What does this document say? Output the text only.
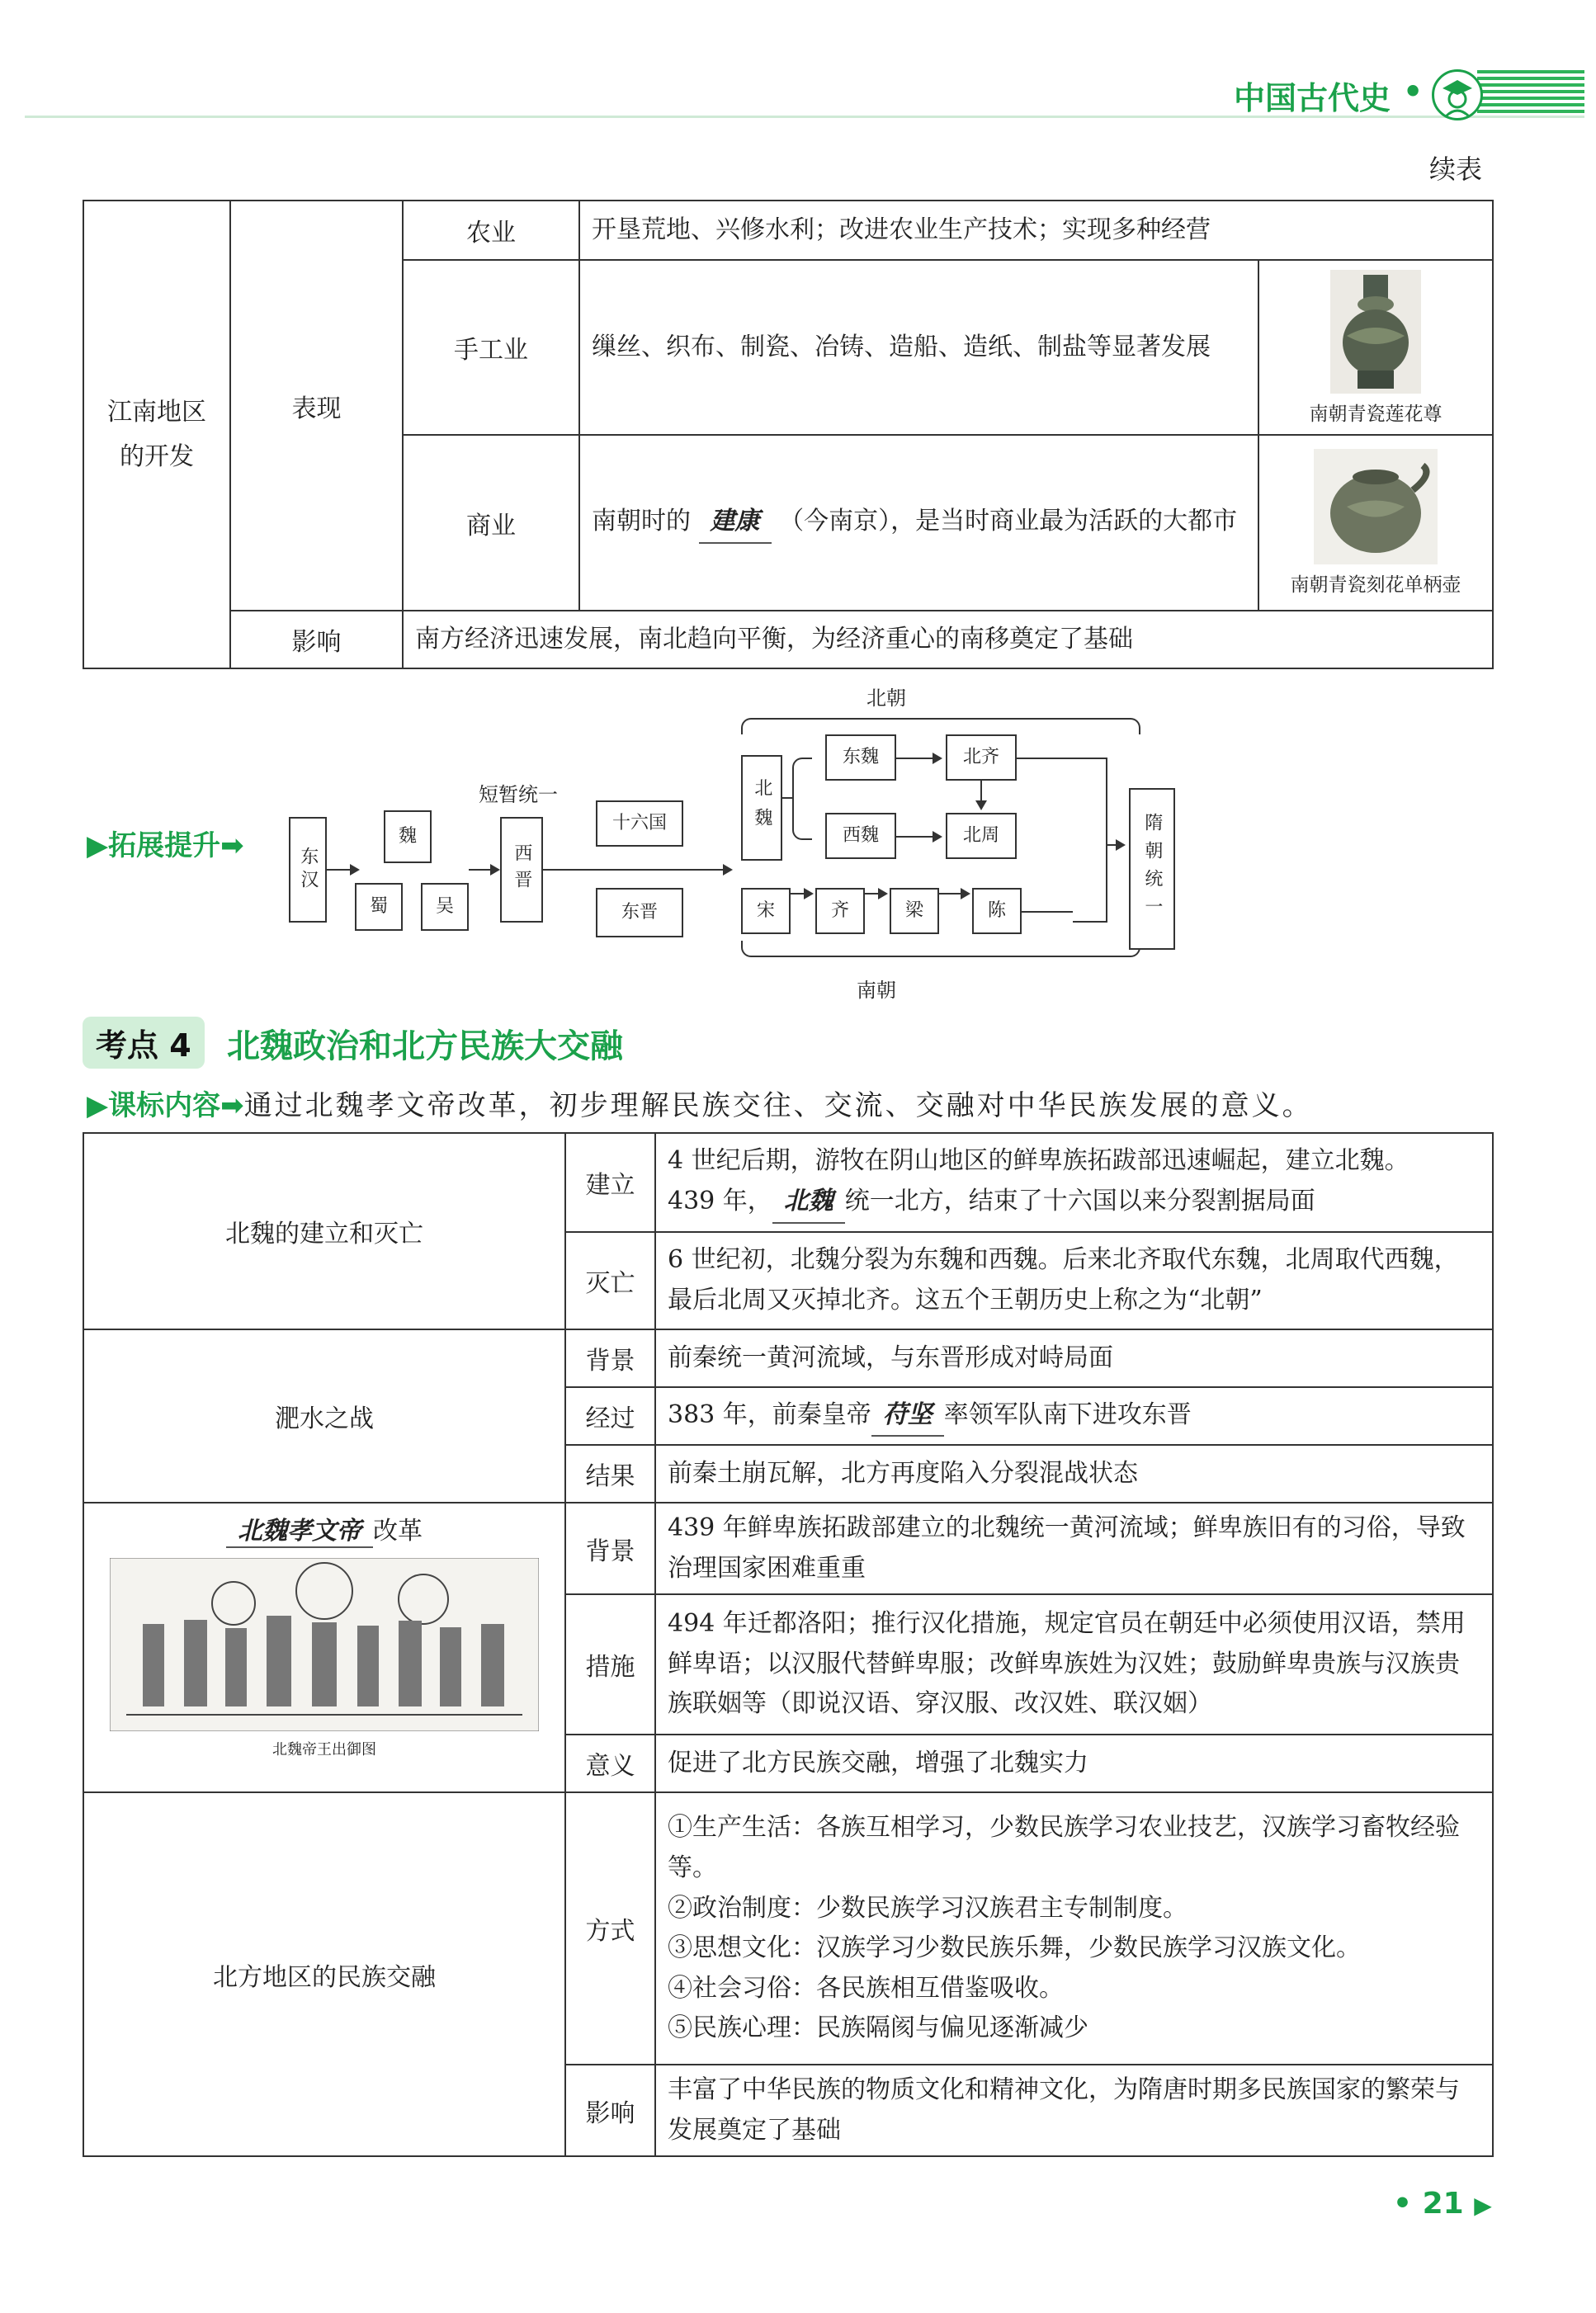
中国古代史 •
续表
江南地区的开发	表现	农业	开垦荒地、兴修水利；改进农业生产技术；实现多种经营	
		手工业	缫丝、织布、制瓷、冶铸、造船、造纸、制盐等显著发展	南朝青瓷莲花尊

		商业	南朝时的 建康 （今南京），是当时商业最为活跃的大都市	南朝青瓷刻花单柄壶

	影响	南方经济迅速发展，南北趋向平衡，为经济重心的南移奠定了基础		
▶拓展提升➡
东汉
魏
蜀	吴
短暂统一
西晋
十六国
东晋
北朝
北魏
东魏	北齐
西魏	北周
宋	齐	梁	陈
南朝
隋朝统一
考点 4	北魏政治和北方民族大交融
▶课标内容➡通过北魏孝文帝改革，初步理解民族交往、交流、交融对中华民族发展的意义。
北魏的建立和灭亡	建立	4 世纪后期，游牧在阴山地区的鲜卑族拓跋部迅速崛起，建立北魏。
439 年， 北魏 统一北方，结束了十六国以来分裂割据局面

	灭亡	6 世纪初，北魏分裂为东魏和西魏。后来北齐取代东魏，北周取代西魏，最后北周又灭掉北齐。这五个王朝历史上称之为“北朝”
淝水之战	背景	前秦统一黄河流域，与东晋形成对峙局面
	经过	383 年，前秦皇帝 苻坚 率领军队南下进攻东晋
	结果	前秦土崩瓦解，北方再度陷入分裂混战状态

北魏孝文帝 改革
北魏帝王出御图	背景	439 年鲜卑族拓跋部建立的北魏统一黄河流域；鲜卑族旧有的习俗，导致治理国家困难重重
	措施	494 年迁都洛阳；推行汉化措施，规定官员在朝廷中必须使用汉语，禁用鲜卑语；以汉服代替鲜卑服；改鲜卑族姓为汉姓；鼓励鲜卑贵族与汉族贵族联姻等（即说汉语、穿汉服、改汉姓、联汉姻）
	意义	促进了北方民族交融，增强了北魏实力
北方地区的民族交融	方式	①生产生活：各族互相学习，少数民族学习农业技艺，汉族学习畜牧经验等。
②政治制度：少数民族学习汉族君主专制制度。
③思想文化：汉族学习少数民族乐舞，少数民族学习汉族文化。
④社会习俗：各民族相互借鉴吸收。
⑤民族心理：民族隔阂与偏见逐渐减少

	影响	丰富了中华民族的物质文化和精神文化，为隋唐时期多民族国家的繁荣与发展奠定了基础
• 21 ▶
